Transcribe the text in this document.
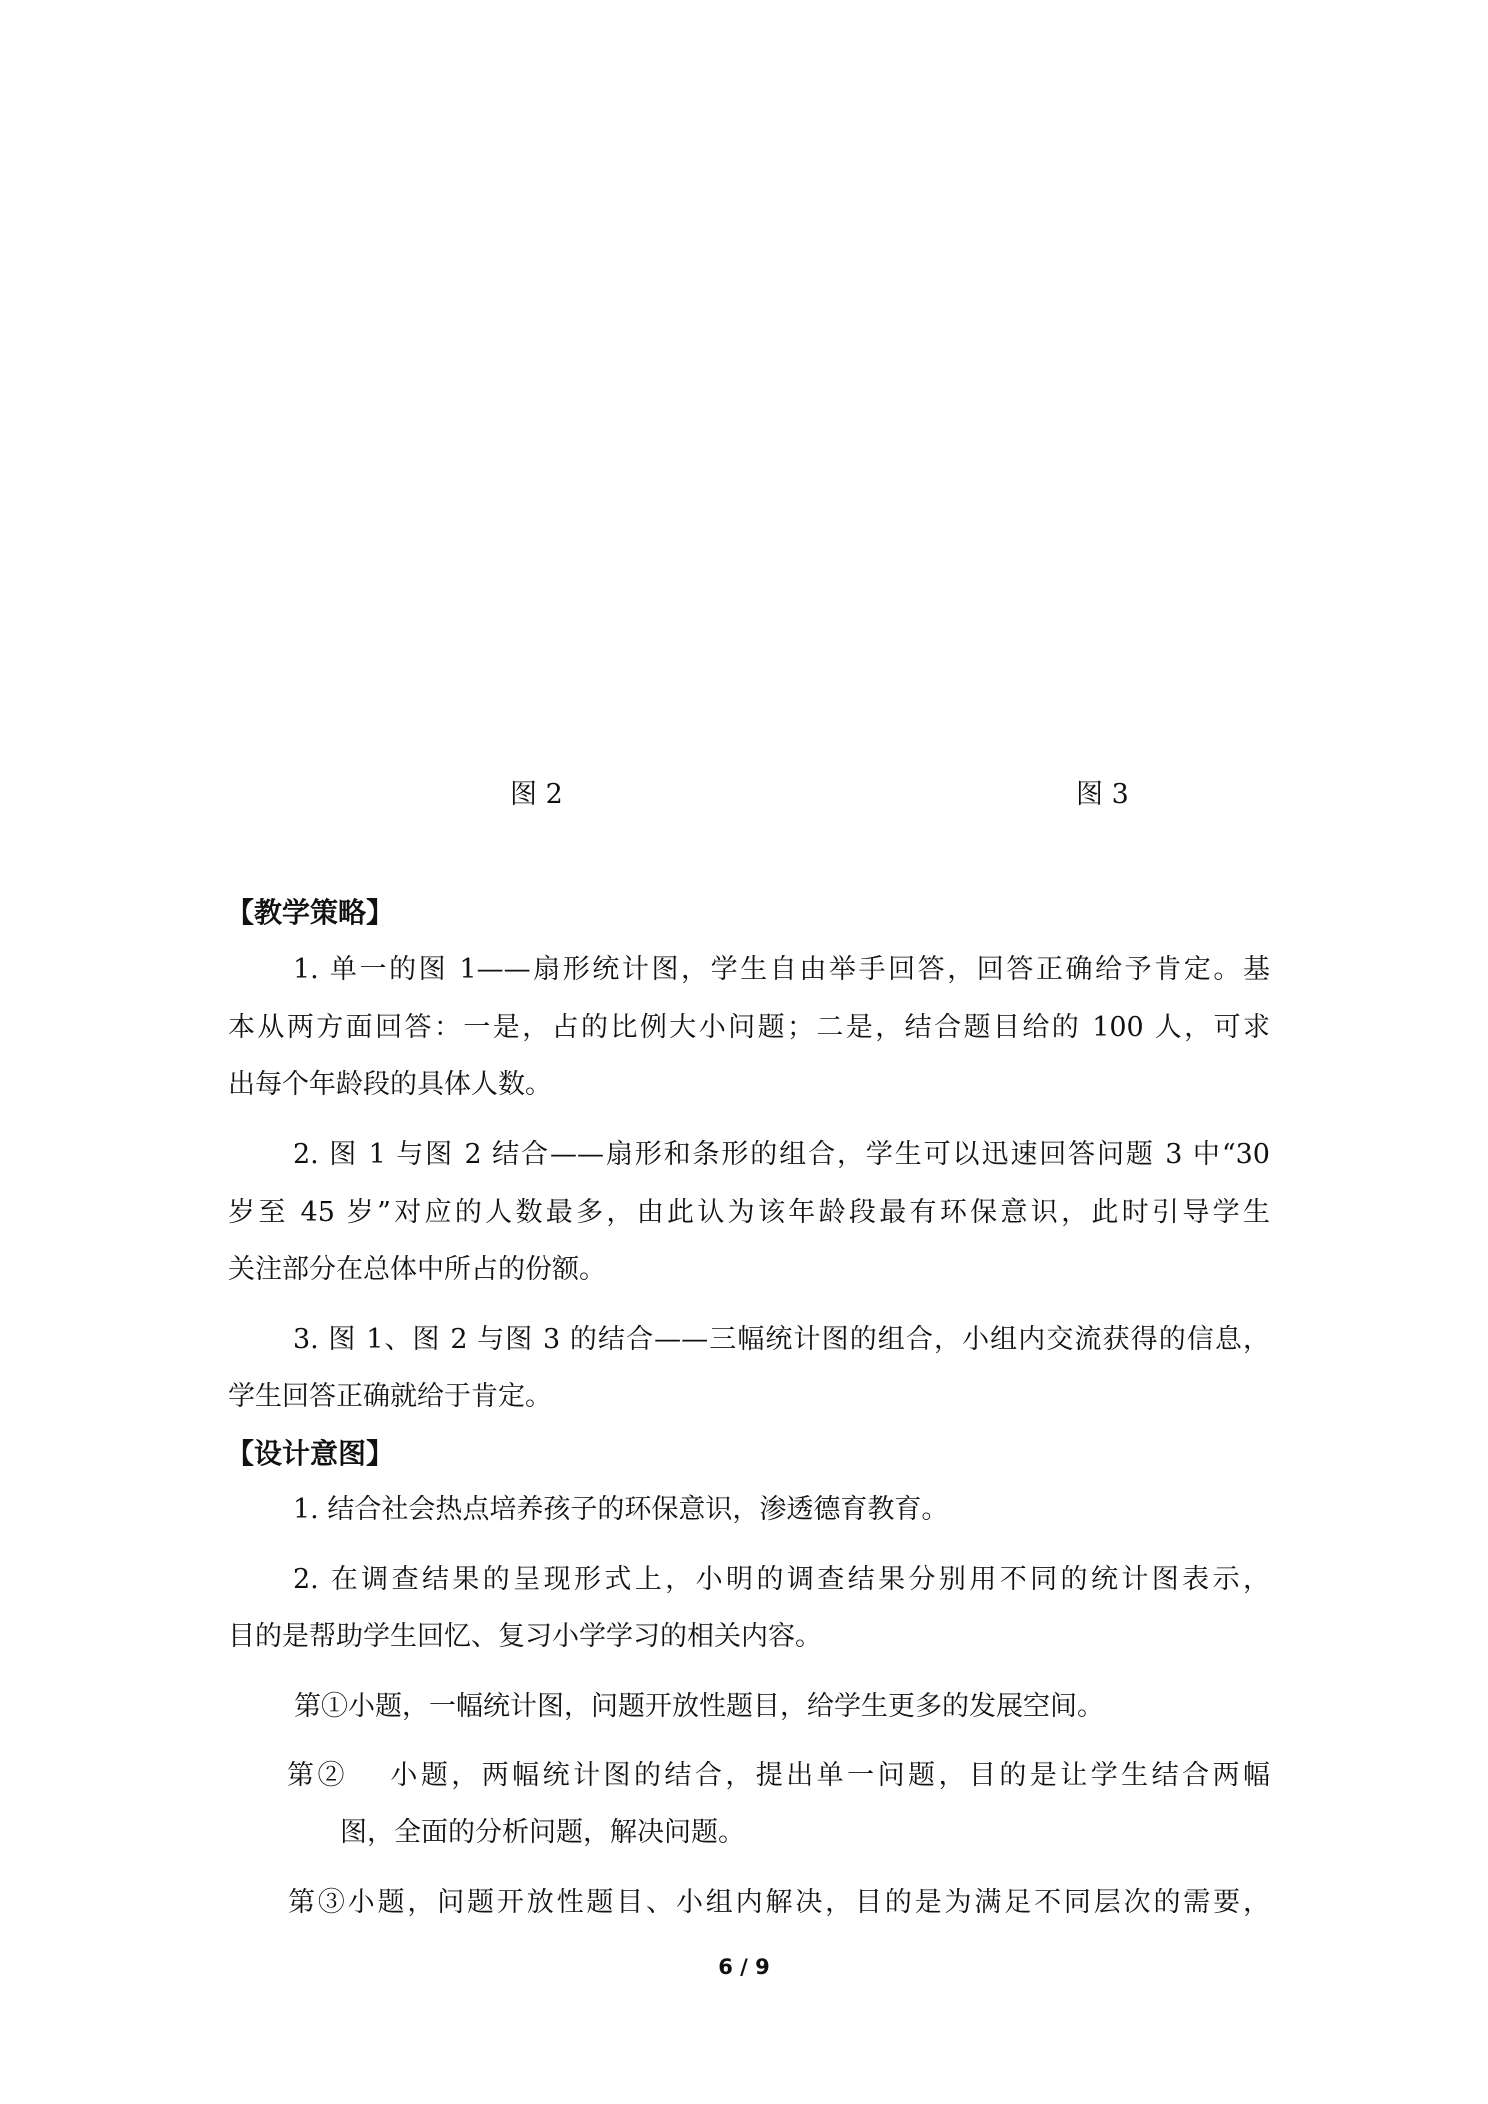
图 2	图 3
【教学策略】
1. 单一的图 1——扇形统计图，学生自由举手回答，回答正确给予肯定。基
本从两方面回答：一是，占的比例大小问题；二是，结合题目给的 100 人，可求
出每个年龄段的具体人数。
2. 图 1 与图 2 结合——扇形和条形的组合，学生可以迅速回答问题 3 中“30
岁至 45 岁”对应的人数最多，由此认为该年龄段最有环保意识，此时引导学生
关注部分在总体中所占的份额。
3. 图 1、图 2 与图 3 的结合——三幅统计图的组合，小组内交流获得的信息，
学生回答正确就给于肯定。
【设计意图】
1. 结合社会热点培养孩子的环保意识，渗透德育教育。
2. 在调查结果的呈现形式上，小明的调查结果分别用不同的统计图表示，
目的是帮助学生回忆、复习小学学习的相关内容。
第①小题，一幅统计图，问题开放性题目，给学生更多的发展空间。
第②　 小题，两幅统计图的结合，提出单一问题，目的是让学生结合两幅
图，全面的分析问题，解决问题。
第③小题，问题开放性题目、小组内解决，目的是为满足不同层次的需要，
6 / 9
